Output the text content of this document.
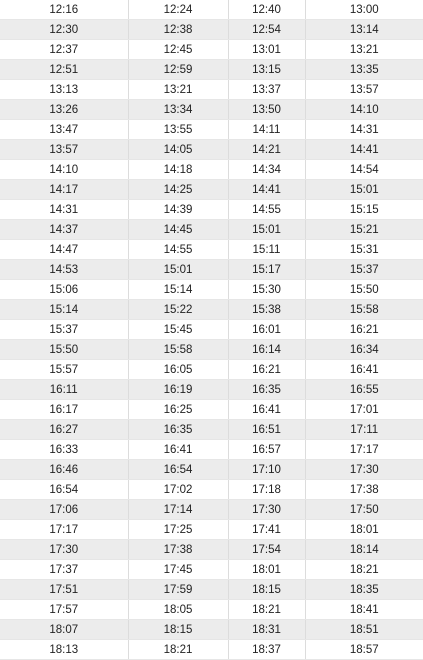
12:16	12:24	12:40	13:00
12:30	12:38	12:54	13:14
12:37	12:45	13:01	13:21
12:51	12:59	13:15	13:35
13:13	13:21	13:37	13:57
13:26	13:34	13:50	14:10
13:47	13:55	14:11	14:31
13:57	14:05	14:21	14:41
14:10	14:18	14:34	14:54
14:17	14:25	14:41	15:01
14:31	14:39	14:55	15:15
14:37	14:45	15:01	15:21
14:47	14:55	15:11	15:31
14:53	15:01	15:17	15:37
15:06	15:14	15:30	15:50
15:14	15:22	15:38	15:58
15:37	15:45	16:01	16:21
15:50	15:58	16:14	16:34
15:57	16:05	16:21	16:41
16:11	16:19	16:35	16:55
16:17	16:25	16:41	17:01
16:27	16:35	16:51	17:11
16:33	16:41	16:57	17:17
16:46	16:54	17:10	17:30
16:54	17:02	17:18	17:38
17:06	17:14	17:30	17:50
17:17	17:25	17:41	18:01
17:30	17:38	17:54	18:14
17:37	17:45	18:01	18:21
17:51	17:59	18:15	18:35
17:57	18:05	18:21	18:41
18:07	18:15	18:31	18:51
18:13	18:21	18:37	18:57
